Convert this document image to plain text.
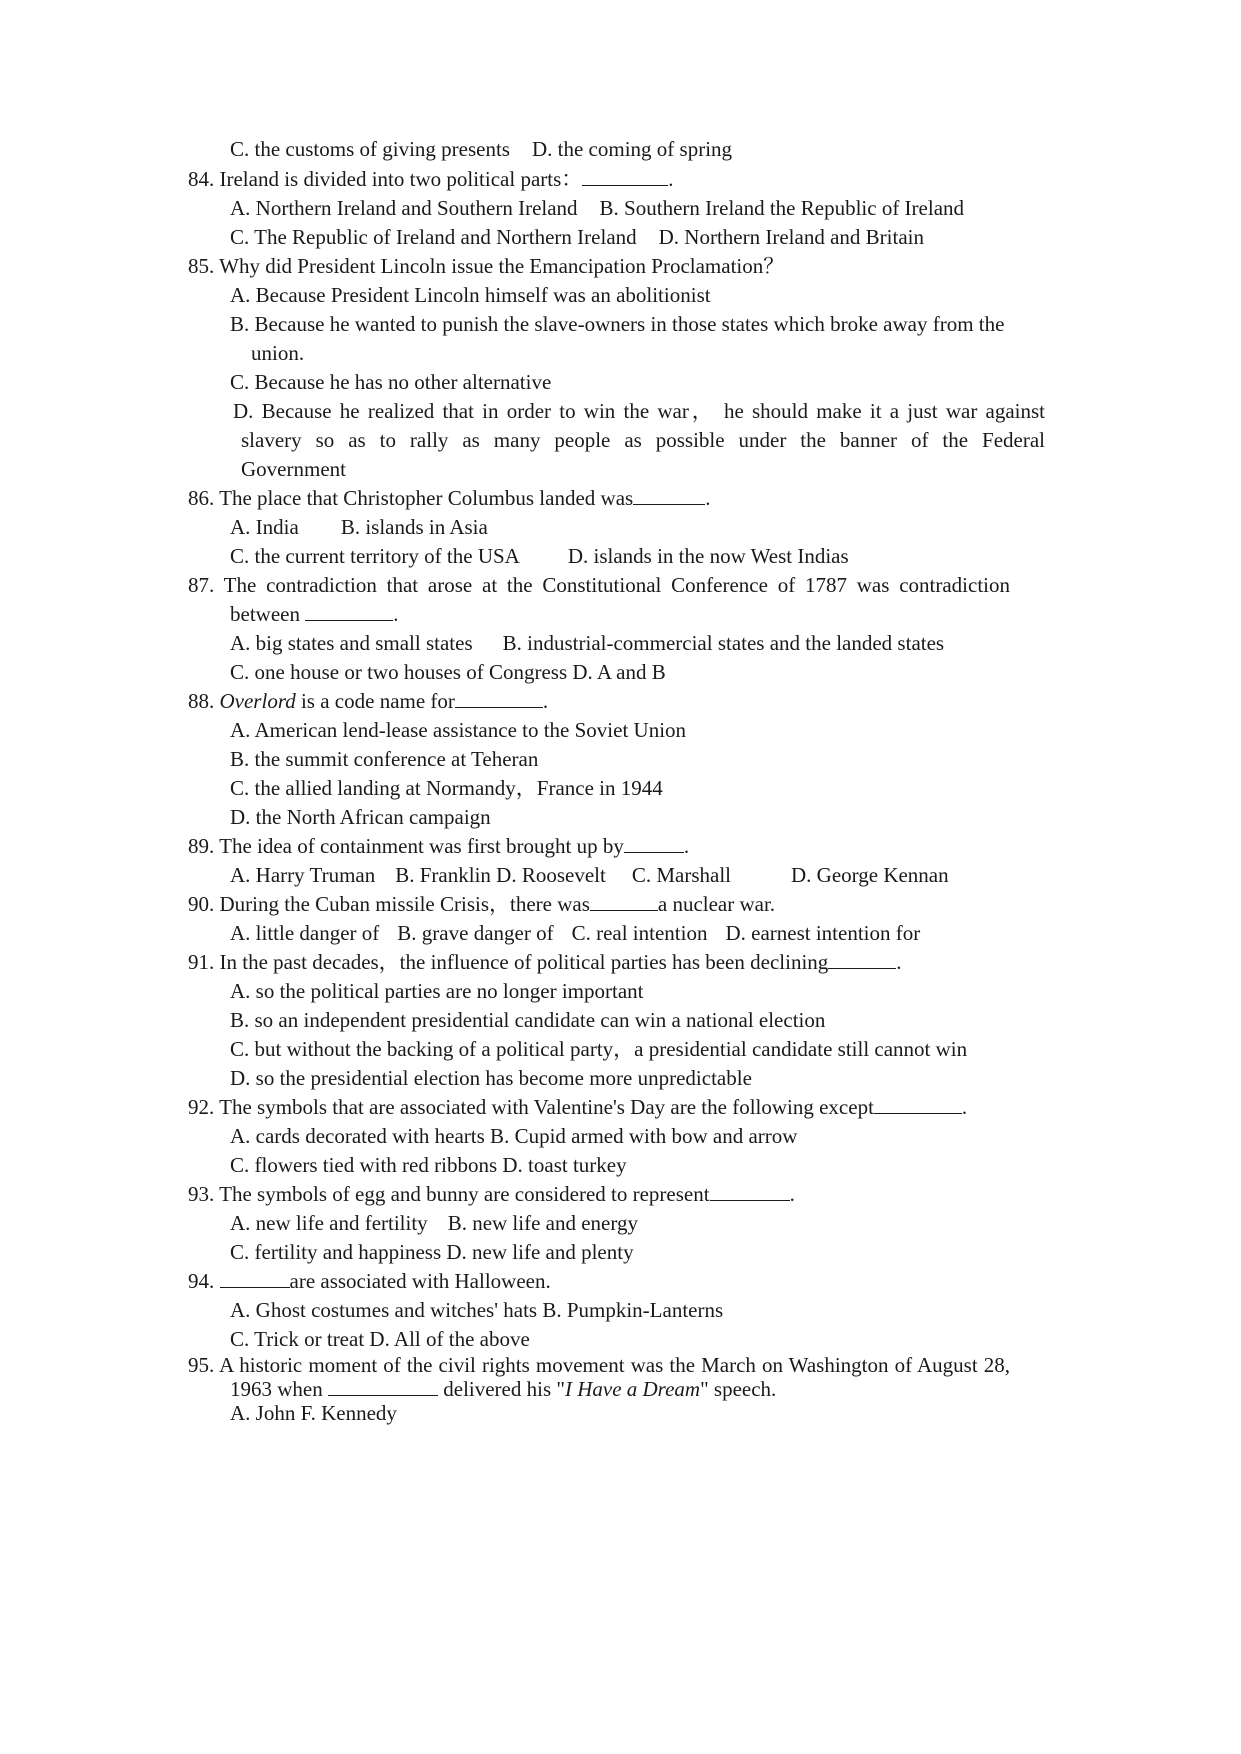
C. the customs of giving presents D. the coming of spring
84. Ireland is divided into two political parts：	.
A. Northern Ireland and Southern Ireland B. Southern Ireland the Republic of Ireland
C. The Republic of Ireland and Northern Ireland D. Northern Ireland and Britain
85. Why did President Lincoln issue the Emancipation Proclamation？
A. Because President Lincoln himself was an abolitionist
B. Because he wanted to punish the slave-owners in those states which broke away from the
union.
C. Because he has no other alternative
D. Because he realized that in order to win the war， he should make it a just war against
slavery so as to rally as many people as possible under the banner of the Federal
Government
86. The place that Christopher Columbus landed was	.
A. India B. islands in Asia
C. the current territory of the USA D. islands in the now West Indias
87. The contradiction that arose at the Constitutional Conference of 1787 was contradiction
between	.
A. big states and small states B. industrial-commercial states and the landed states
C. one house or two houses of Congress D. A and B
88. Overlord is a code name for	.
A. American lend-lease assistance to the Soviet Union
B. the summit conference at Teheran
C. the allied landing at Normandy，France in 1944
D. the North African campaign
89. The idea of containment was first brought up by	.
A. Harry Truman B. Franklin D. Roosevelt C. Marshall	D. George Kennan
90. During the Cuban missile Crisis，there was	a nuclear war.
A. little danger of B. grave danger of C. real intention D. earnest intention for
91. In the past decades，the influence of political parties has been declining	.
A. so the political parties are no longer important
B. so an independent presidential candidate can win a national election
C. but without the backing of a political party，a presidential candidate still cannot win
D. so the presidential election has become more unpredictable
92. The symbols that are associated with Valentine's Day are the following except	.
A. cards decorated with hearts B. Cupid armed with bow and arrow
C. flowers tied with red ribbons D. toast turkey
93. The symbols of egg and bunny are considered to represent	.
A. new life and fertility B. new life and energy
C. fertility and happiness D. new life and plenty
94.	are associated with Halloween.
A. Ghost costumes and witches' hats B. Pumpkin-Lanterns
C. Trick or treat D. All of the above
95. A historic moment of the civil rights movement was the March on Washington of August 28,
1963 when	delivered his "I Have a Dream" speech.
A. John F. Kennedy
